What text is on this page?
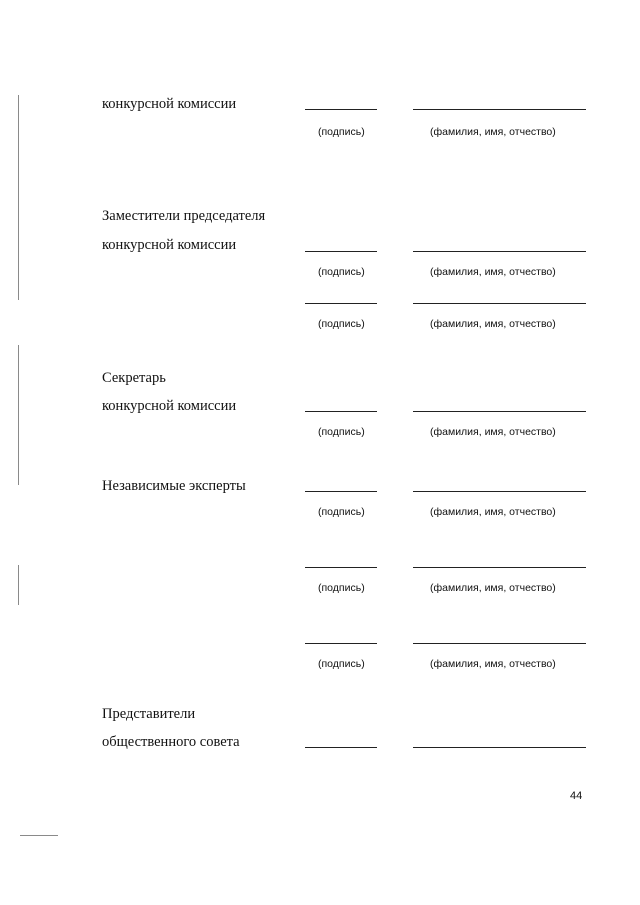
конкурсной комиссии
(подпись)	(фамилия, имя, отчество)
Заместители председателя
конкурсной комиссии
(подпись)	(фамилия, имя, отчество)
(подпись)	(фамилия, имя, отчество)
Секретарь
конкурсной комиссии
(подпись)	(фамилия, имя, отчество)
Независимые эксперты
(подпись)	(фамилия, имя, отчество)
(подпись)	(фамилия, имя, отчество)
(подпись)	(фамилия, имя, отчество)
Представители
общественного совета
44
